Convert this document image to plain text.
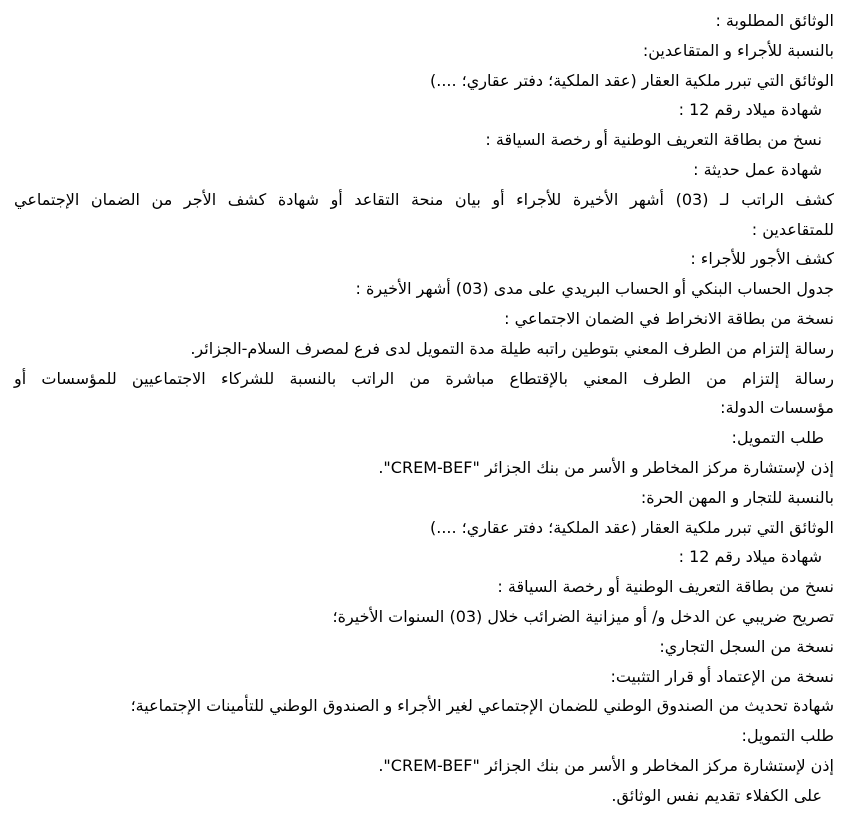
الوثائق المطلوبة :
بالنسبة للأجراء و المتقاعدين:
الوثائق التي تبرر ملكية العقار (عقد الملكية؛ دفتر عقاري؛ ....)
شهادة ميلاد رقم 12 :
نسخ من بطاقة التعريف الوطنية أو رخصة السياقة :
شهادة عمل حديثة :
كشف الراتب لـ (03) أشهر الأخيرة للأجراء أو بيان منحة التقاعد أو شهادة كشف الأجر من الضمان الإجتماعي
للمتقاعدين :
كشف الأجور للأجراء :
جدول الحساب البنكي أو الحساب البريدي على مدى (03) أشهر الأخيرة :
نسخة من بطاقة الانخراط في الضمان الاجتماعي :
رسالة إلتزام من الطرف المعني بتوطين راتبه طيلة مدة التمويل لدى فرع لمصرف السلام-الجزائر.
رسالة إلتزام من الطرف المعني بالإقتطاع مباشرة من الراتب بالنسبة للشركاء الاجتماعيين للمؤسسات أو
مؤسسات الدولة:
طلب التمويل:
إذن لإستشارة مركز المخاطر و الأسر من بنك الجزائر "CREM-BEF".
بالنسبة للتجار و المهن الحرة:
الوثائق التي تبرر ملكية العقار (عقد الملكية؛ دفتر عقاري؛ ....)
شهادة ميلاد رقم 12 :
نسخ من بطاقة التعريف الوطنية أو رخصة السياقة :
تصريح ضريبي عن الدخل و/ أو ميزانية الضرائب خلال (03) السنوات الأخيرة؛
نسخة من السجل التجاري:
نسخة من الإعتماد أو قرار التثبيت:
شهادة تحديث من الصندوق الوطني للضمان الإجتماعي لغير الأجراء و الصندوق الوطني للتأمينات الإجتماعية؛
طلب التمويل:
إذن لإستشارة مركز المخاطر و الأسر من بنك الجزائر "CREM-BEF".
على الكفلاء تقديم نفس الوثائق.
